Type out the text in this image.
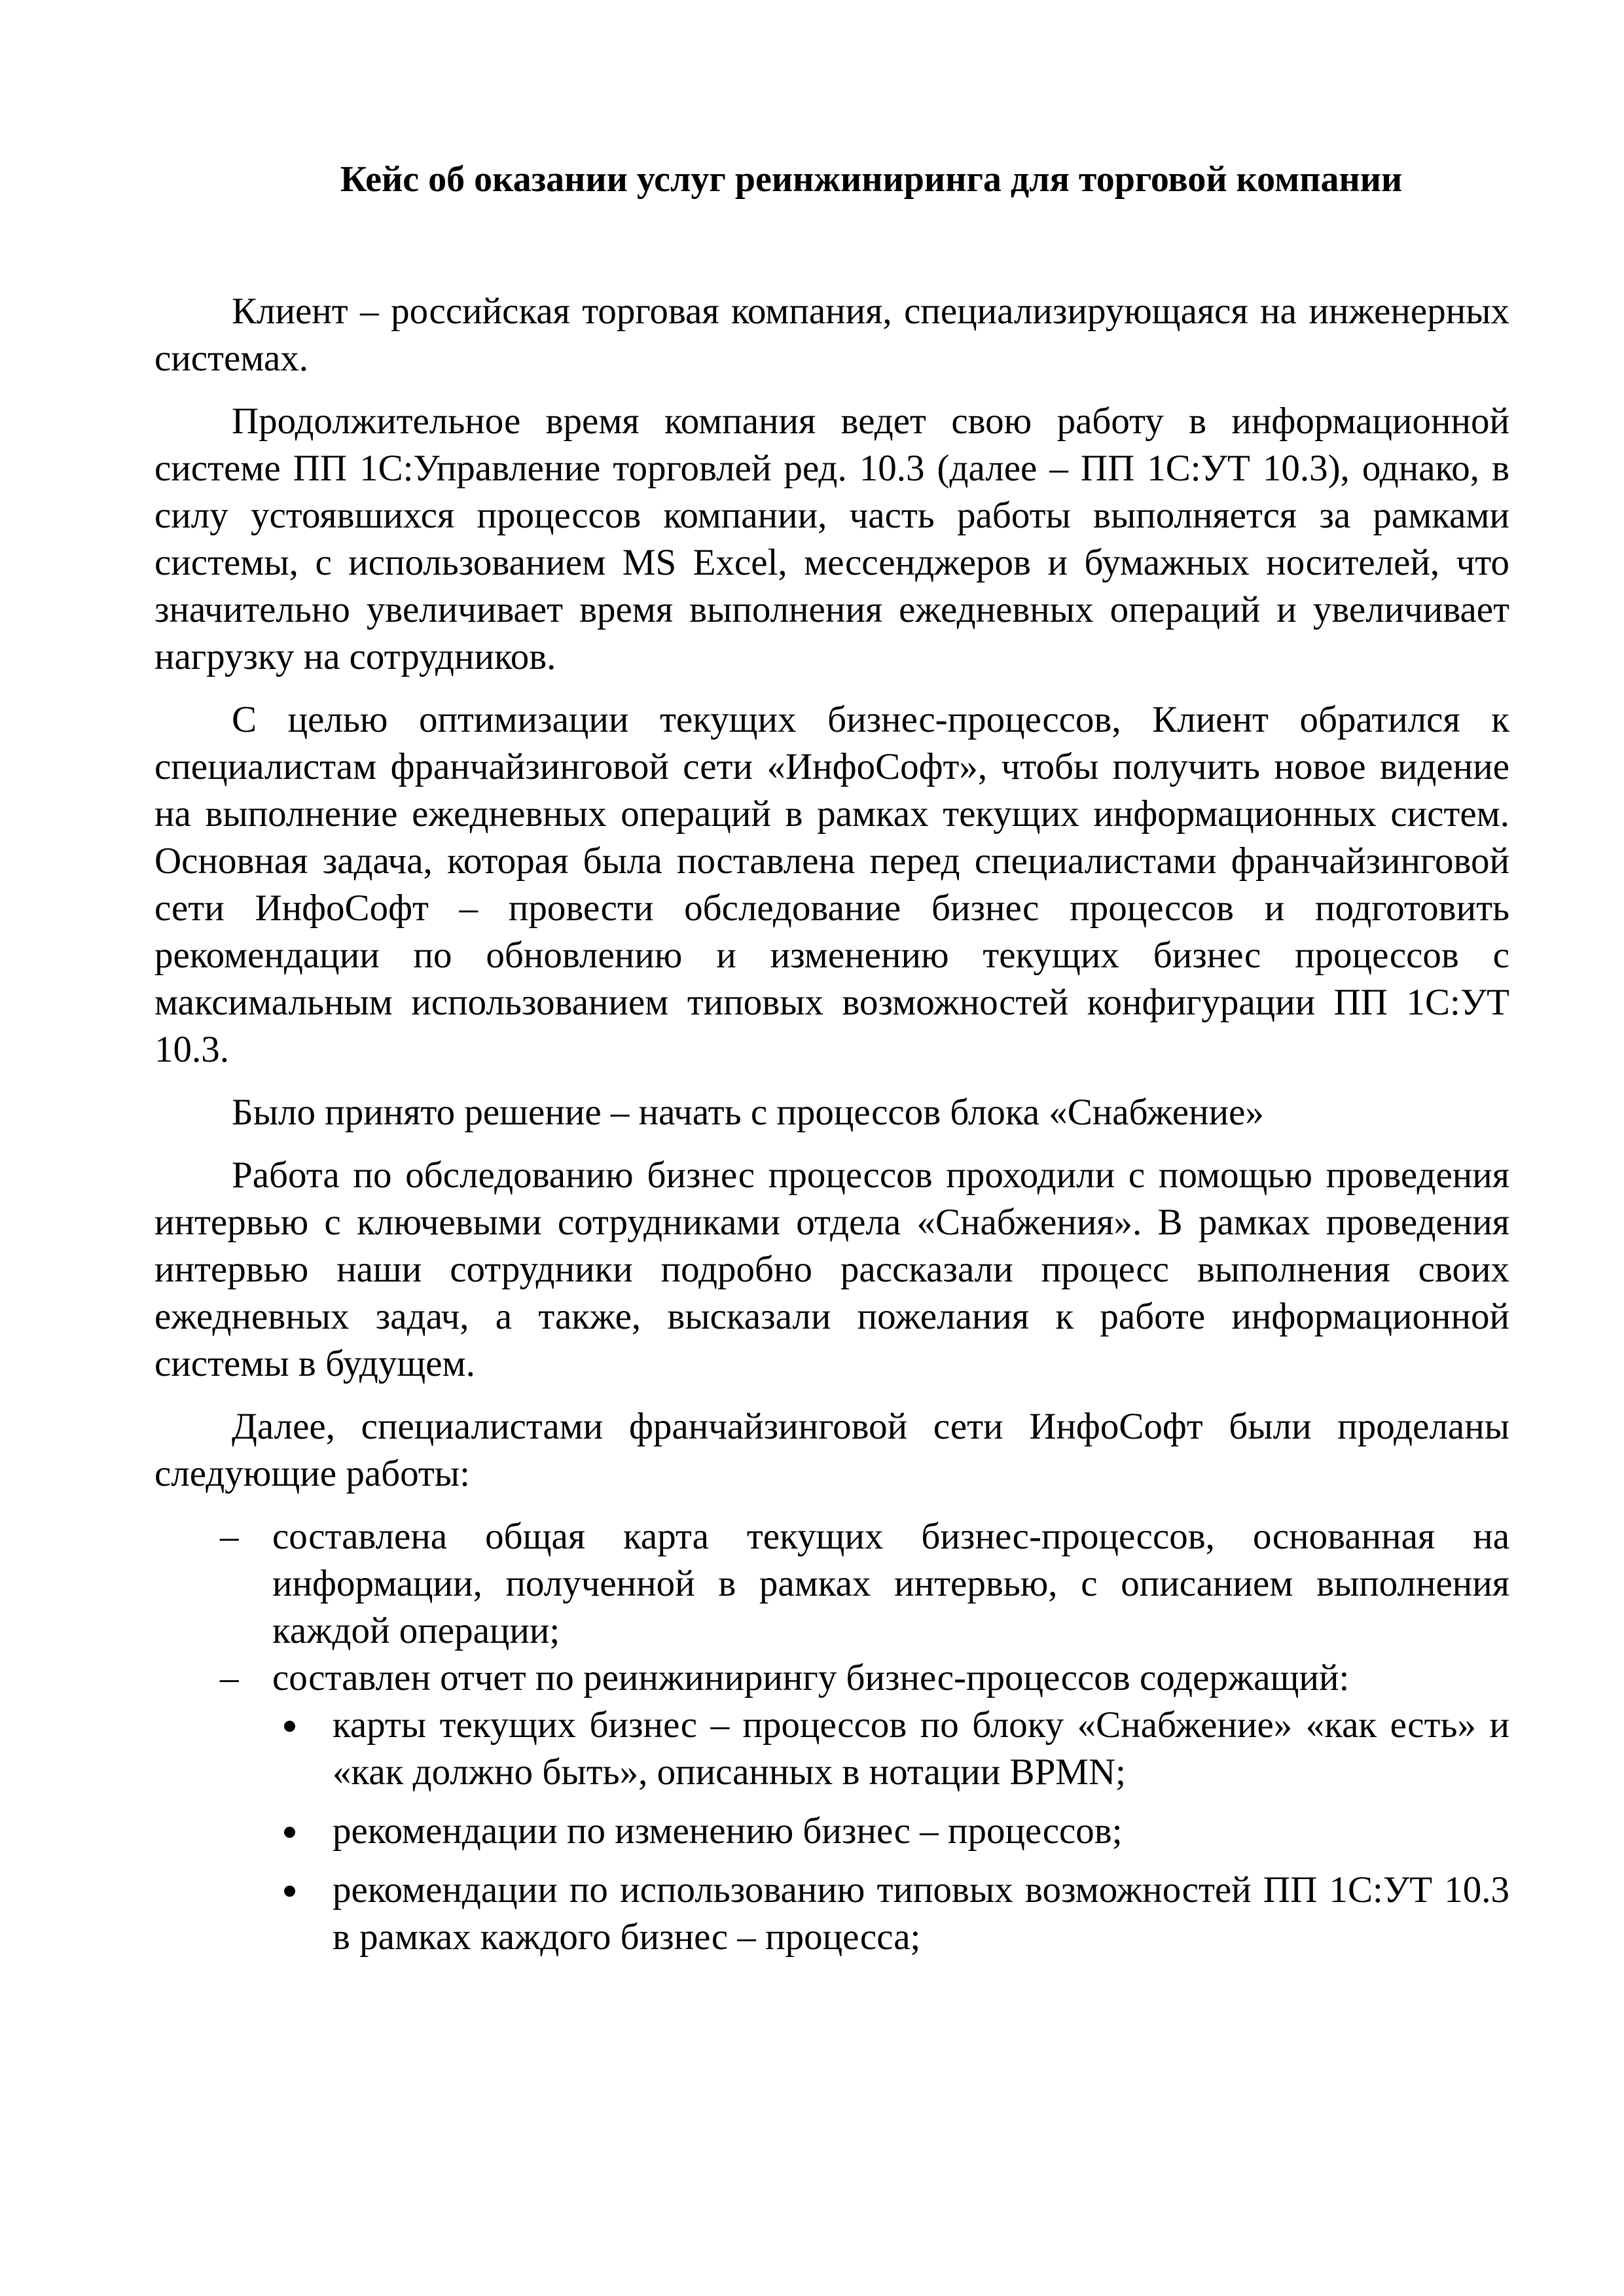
Кейс об оказании услуг реинжиниринга для торговой компании

Клиент – российская торговая компания, специализирующаяся на инженерных системах.

Продолжительное время компания ведет свою работу в информационной системе ПП 1С:Управление торговлей ред. 10.3 (далее – ПП 1С:УТ 10.3), однако, в силу устоявшихся процессов компании, часть работы выполняется за рамками системы, с использованием MS Excel, мессенджеров и бумажных носителей, что значительно увеличивает время выполнения ежедневных операций и увеличивает нагрузку на сотрудников.

С целью оптимизации текущих бизнес-процессов, Клиент обратился к специалистам франчайзинговой сети «ИнфоСофт», чтобы получить новое видение на выполнение ежедневных операций в рамках текущих информационных систем. Основная задача, которая была поставлена перед специалистами франчайзинговой сети ИнфоСофт – провести обследование бизнес процессов и подготовить рекомендации по обновлению и изменению текущих бизнес процессов с максимальным использованием типовых возможностей конфигурации ПП 1С:УТ 10.3.

Было принято решение – начать с процессов блока «Снабжение»

Работа по обследованию бизнес процессов проходили с помощью проведения интервью с ключевыми сотрудниками отдела «Снабжения». В рамках проведения интервью наши сотрудники подробно рассказали процесс выполнения своих ежедневных задач, а также, высказали пожелания к работе информационной системы в будущем.

Далее, специалистами франчайзинговой сети ИнфоСофт были проделаны следующие работы:

– составлена общая карта текущих бизнес-процессов, основанная на информации, полученной в рамках интервью, с описанием выполнения каждой операции;
– составлен отчет по реинжинирингу бизнес-процессов содержащий:
карты текущих бизнес – процессов по блоку «Снабжение» «как есть» и «как должно быть», описанных в нотации BPMN;
рекомендации по изменению бизнес – процессов;
рекомендации по использованию типовых возможностей ПП 1С:УТ 10.3 в рамках каждого бизнес – процесса;
